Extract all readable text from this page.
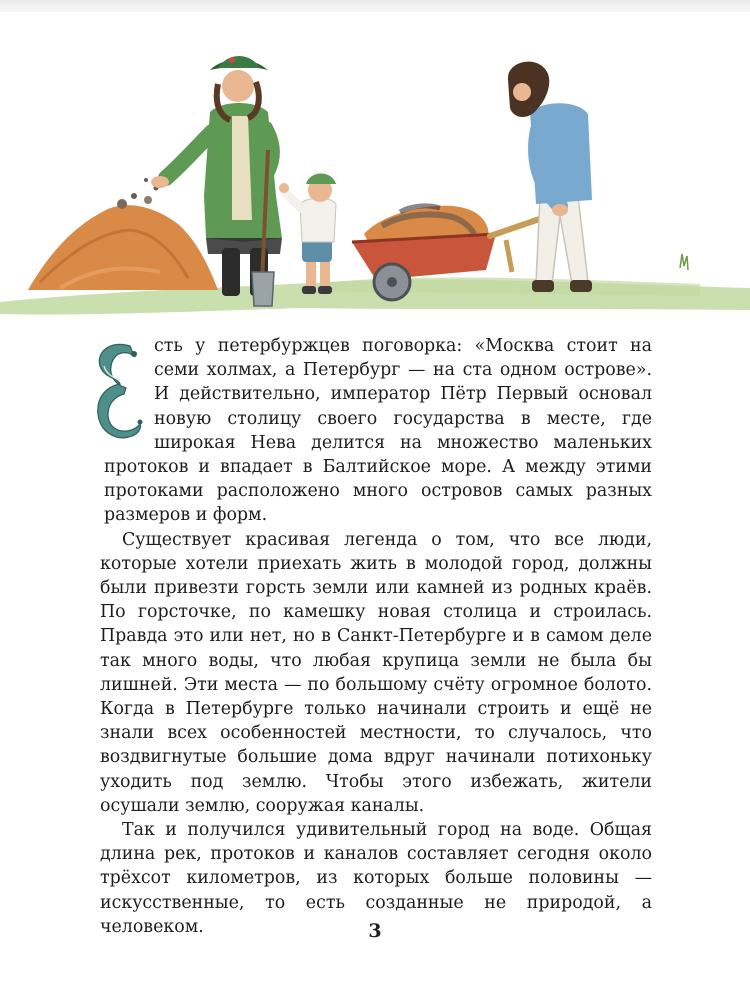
сть у петербуржцев поговорка: «Москва стоит на семи холмах, а Петербург — на ста одном острове». И действительно, император Пётр Первый основал новую столицу своего государства в месте, где широкая Нева делится на множество маленьких протоков и впадает в Балтийское море. А между этими протоками расположено много островов самых разных размеров и форм.

Существует красивая легенда о том, что все люди, которые хотели приехать жить в молодой город, должны были привезти горсть земли или камней из родных краёв. По горсточке, по камешку новая столица и строилась. Правда это или нет, но в Санкт-Петербурге и в самом деле так много воды, что любая крупица земли не была бы лишней. Эти места — по большому счёту огромное болото. Когда в Петербурге только начинали строить и ещё не знали всех особенностей местности, то случалось, что воздвигнутые большие дома вдруг начинали потихоньку уходить под землю. Чтобы этого избежать, жители осушали землю, сооружая каналы.

Так и получился удивительный город на воде. Общая длина рек, протоков и каналов составляет сегодня около трёхсот километров, из которых больше половины — искусственные, то есть созданные не природой, а человеком.	3
